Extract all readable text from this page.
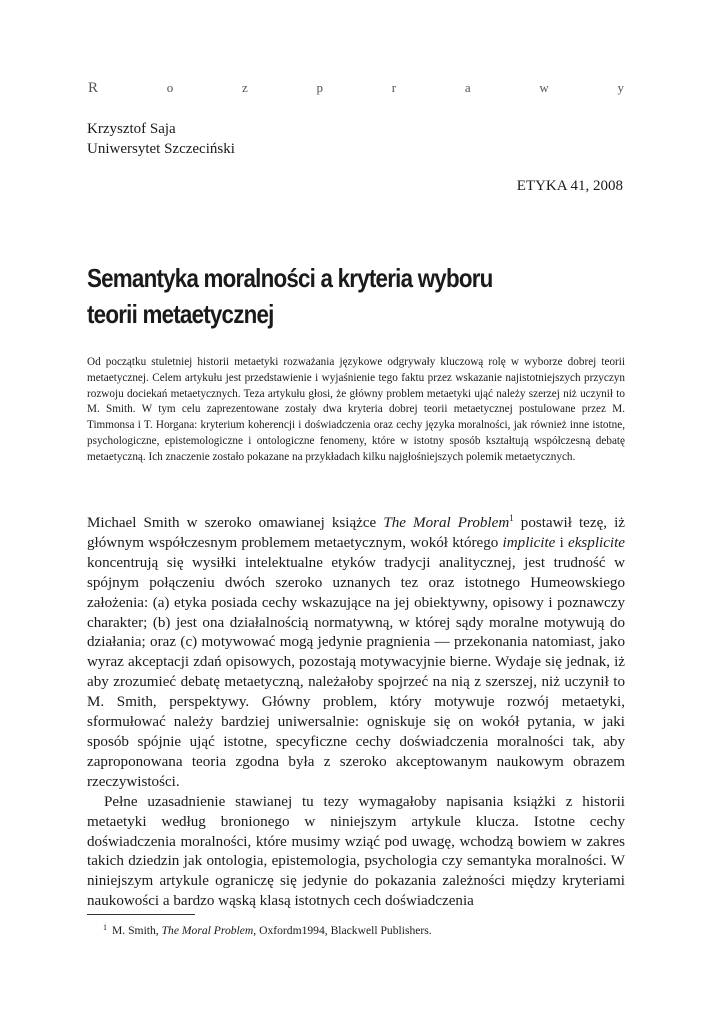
R	o	z	p	r	a	w	y
Krzysztof Saja
Uniwersytet Szczeciński
ETYKA 41, 2008
Semantyka moralności a kryteria wyboru
teorii metaetycznej

Od początku stuletniej historii metaetyki rozważania językowe odgrywały kluczową rolę w wyborze dobrej teorii metaetycznej. Celem artykułu jest przedstawienie i wyjaśnienie tego faktu przez wskazanie najistotniejszych przyczyn rozwoju dociekań metaetycznych. Teza artykułu głosi, że główny problem metaetyki ująć należy szerzej niż uczynił to M. Smith. W tym celu zaprezentowane zostały dwa kryteria dobrej teorii metaetycznej postulowane przez M. Timmonsa i T. Horgana: kryterium koherencji i doświadczenia oraz cechy języka moralności, jak również inne istotne, psychologiczne, epistemologiczne i ontologiczne fenomeny, które w istotny sposób kształtują współczesną debatę metaetyczną. Ich znaczenie zostało pokazane na przykładach kilku najgłośniejszych polemik metaetycznych.

Michael Smith w szeroko omawianej książce The Moral Problem$^1$ postawił tezę, iż głównym współczesnym problemem metaetycznym, wokół którego implicite i eksplicite koncentrują się wysiłki intelektualne etyków tradycji analitycznej, jest trudność w spójnym połączeniu dwóch szeroko uznanych tez oraz istotnego Humeowskiego założenia: (a) etyka posiada cechy wskazujące na jej obiektywny, opisowy i poznawczy charakter; (b) jest ona działalnością normatywną, w której sądy moralne motywują do działania; oraz (c) motywować mogą jedynie pragnienia — przekonania natomiast, jako wyraz akceptacji zdań opisowych, pozostają motywacyjnie bierne. Wydaje się jednak, iż aby zrozumieć debatę metaetyczną, należałoby spojrzeć na nią z szerszej, niż uczynił to M. Smith, perspektywy. Główny problem, który motywuje rozwój metaetyki, sformułować należy bardziej uniwersalnie: ogniskuje się on wokół pytania, w jaki sposób spójnie ująć istotne, specyficzne cechy doświadczenia moralności tak, aby zaproponowana teoria zgodna była z szeroko akceptowanym naukowym obrazem rzeczywistości.

Pełne uzasadnienie stawianej tu tezy wymagałoby napisania książki z historii metaetyki według bronionego w niniejszym artykule klucza. Istotne cechy doświadczenia moralności, które musimy wziąć pod uwagę, wchodzą bowiem w zakres takich dziedzin jak ontologia, epistemologia, psychologia czy semantyka moralności. W niniejszym artykule ograniczę się jedynie do pokazania zależności między kryteriami naukowości a bardzo wąską klasą istotnych cech doświadczenia

$^1$ M. Smith, The Moral Problem, Oxfordm1994, Blackwell Publishers.
